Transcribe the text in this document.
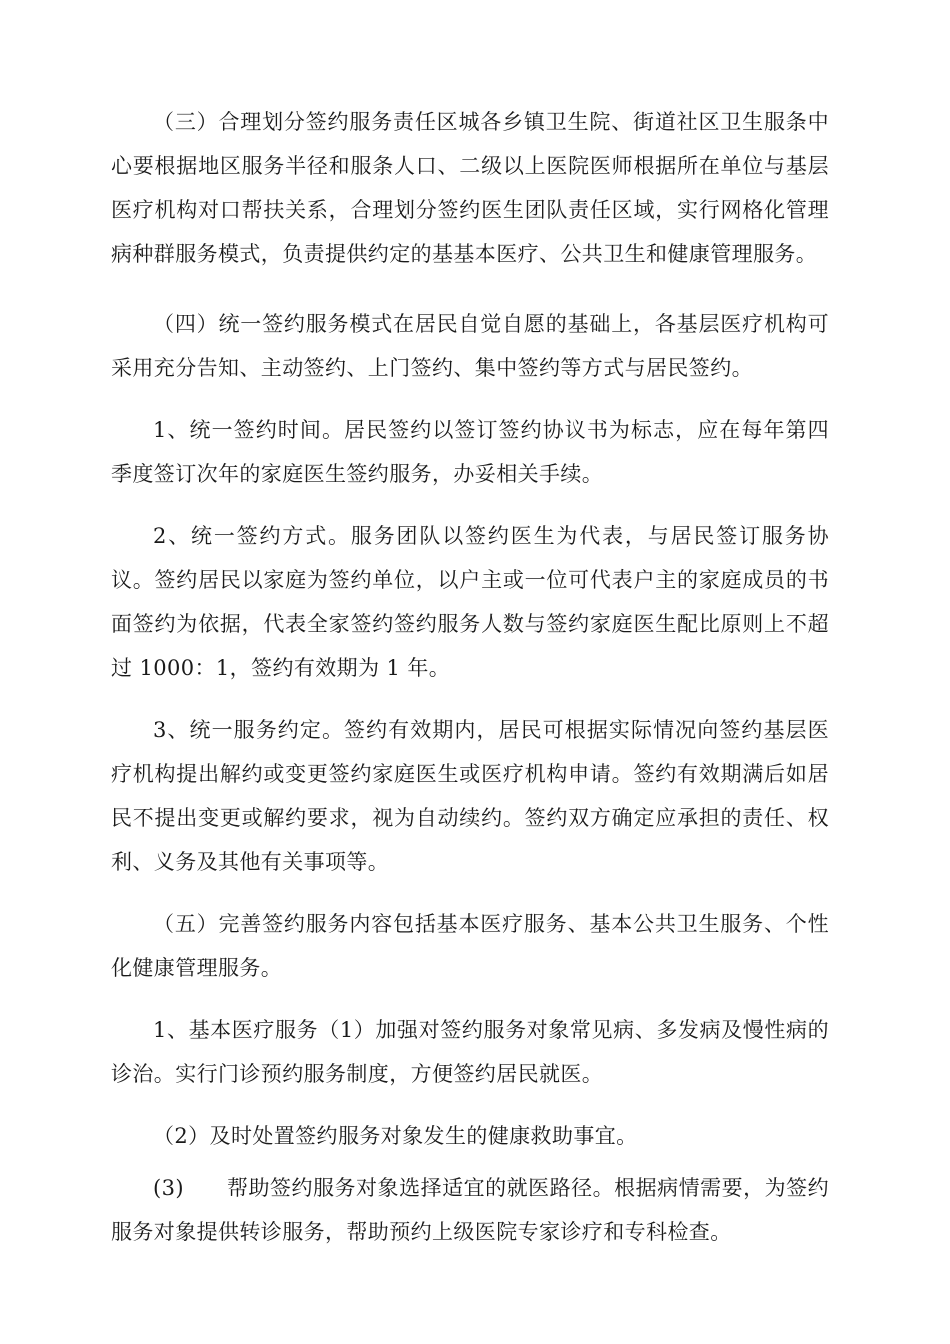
（三）合理划分签约服务责任区城各乡镇卫生院、街道社区卫生服条中心要根据地区服务半径和服条人口、二级以上医院医师根据所在单位与基层医疗机构对口帮扶关系，合理划分签约医生团队责任区域，实行网格化管理病种群服务模式，负责提供约定的基基本医疗、公共卫生和健康管理服务。

（四）统一签约服务模式在居民自觉自愿的基础上，各基层医疗机构可采用充分告知、主动签约、上门签约、集中签约等方式与居民签约。

1、统一签约时间。居民签约以签订签约协议书为标志，应在每年第四季度签订次年的家庭医生签约服务，办妥相关手续。

2、统一签约方式。服务团队以签约医生为代表，与居民签订服务协议。签约居民以家庭为签约单位，以户主或一位可代表户主的家庭成员的书面签约为依据，代表全家签约签约服务人数与签约家庭医生配比原则上不超过 1000：1，签约有效期为 1 年。

3、统一服务约定。签约有效期内，居民可根据实际情况向签约基层医疗机构提出解约或变更签约家庭医生或医疗机构申请。签约有效期满后如居民不提出变更或解约要求，视为自动续约。签约双方确定应承担的责任、权利、义务及其他有关事项等。

（五）完善签约服务内容包括基本医疗服务、基本公共卫生服务、个性化健康管理服务。

1、基本医疗服务（1）加强对签约服务对象常见病、多发病及慢性病的诊治。实行门诊预约服务制度，方便签约居民就医。

（2）及时处置签约服务对象发生的健康救助事宜。

(3)　　帮助签约服务对象选择适宜的就医路径。根据病情需要，为签约服务对象提供转诊服务，帮助预约上级医院专家诊疗和专科检查。
